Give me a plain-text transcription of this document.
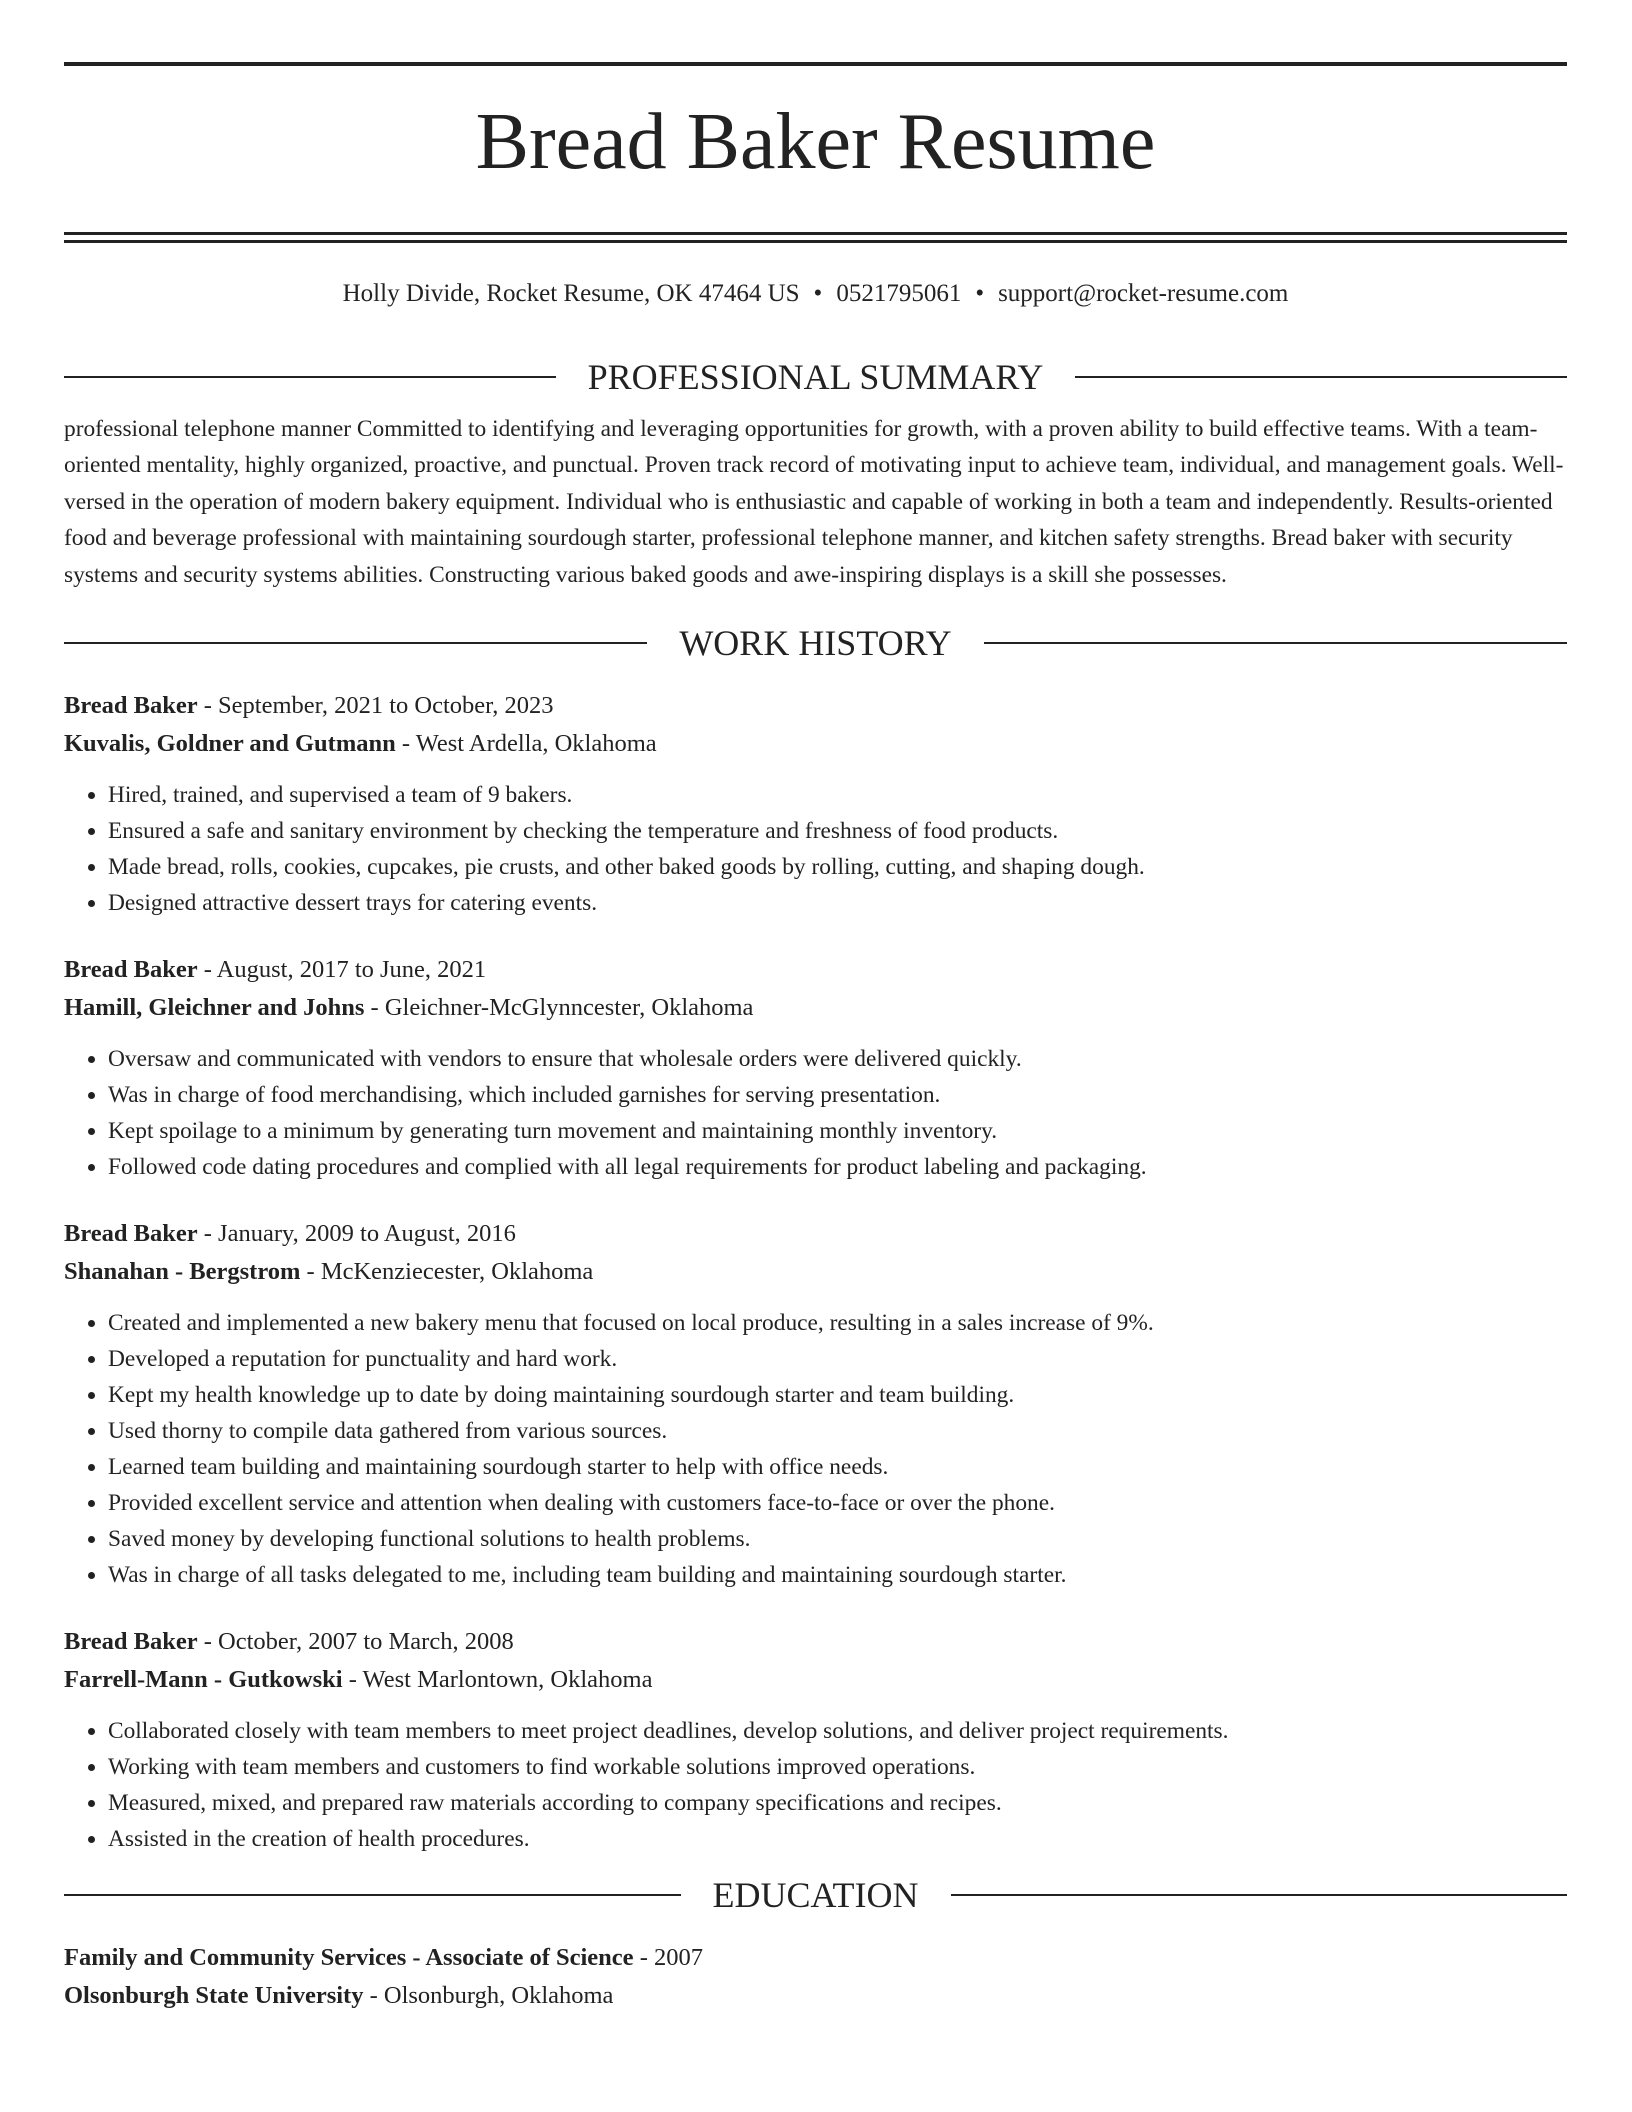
Bread Baker Resume
Holly Divide, Rocket Resume, OK 47464 US • 0521795061 • support@rocket-resume.com
PROFESSIONAL SUMMARY

professional telephone manner Committed to identifying and leveraging opportunities for growth, with a proven ability to build effective teams. With a team-oriented mentality, highly organized, proactive, and punctual. Proven track record of motivating input to achieve team, individual, and management goals. Well-versed in the operation of modern bakery equipment. Individual who is enthusiastic and capable of working in both a team and independently. Results-oriented food and beverage professional with maintaining sourdough starter, professional telephone manner, and kitchen safety strengths. Bread baker with security systems and security systems abilities. Constructing various baked goods and awe-inspiring displays is a skill she possesses.

WORK HISTORY
Bread Baker - September, 2021 to October, 2023
Kuvalis, Goldner and Gutmann - West Ardella, Oklahoma
• Hired, trained, and supervised a team of 9 bakers.
• Ensured a safe and sanitary environment by checking the temperature and freshness of food products.
• Made bread, rolls, cookies, cupcakes, pie crusts, and other baked goods by rolling, cutting, and shaping dough.
• Designed attractive dessert trays for catering events.
Bread Baker - August, 2017 to June, 2021
Hamill, Gleichner and Johns - Gleichner-McGlynncester, Oklahoma
• Oversaw and communicated with vendors to ensure that wholesale orders were delivered quickly.
• Was in charge of food merchandising, which included garnishes for serving presentation.
• Kept spoilage to a minimum by generating turn movement and maintaining monthly inventory.
• Followed code dating procedures and complied with all legal requirements for product labeling and packaging.
Bread Baker - January, 2009 to August, 2016
Shanahan - Bergstrom - McKenziecester, Oklahoma
• Created and implemented a new bakery menu that focused on local produce, resulting in a sales increase of 9%.
• Developed a reputation for punctuality and hard work.
• Kept my health knowledge up to date by doing maintaining sourdough starter and team building.
• Used thorny to compile data gathered from various sources.
• Learned team building and maintaining sourdough starter to help with office needs.
• Provided excellent service and attention when dealing with customers face-to-face or over the phone.
• Saved money by developing functional solutions to health problems.
• Was in charge of all tasks delegated to me, including team building and maintaining sourdough starter.
Bread Baker - October, 2007 to March, 2008
Farrell-Mann - Gutkowski - West Marlontown, Oklahoma
• Collaborated closely with team members to meet project deadlines, develop solutions, and deliver project requirements.
• Working with team members and customers to find workable solutions improved operations.
• Measured, mixed, and prepared raw materials according to company specifications and recipes.
• Assisted in the creation of health procedures.
EDUCATION
Family and Community Services - Associate of Science - 2007
Olsonburgh State University - Olsonburgh, Oklahoma
